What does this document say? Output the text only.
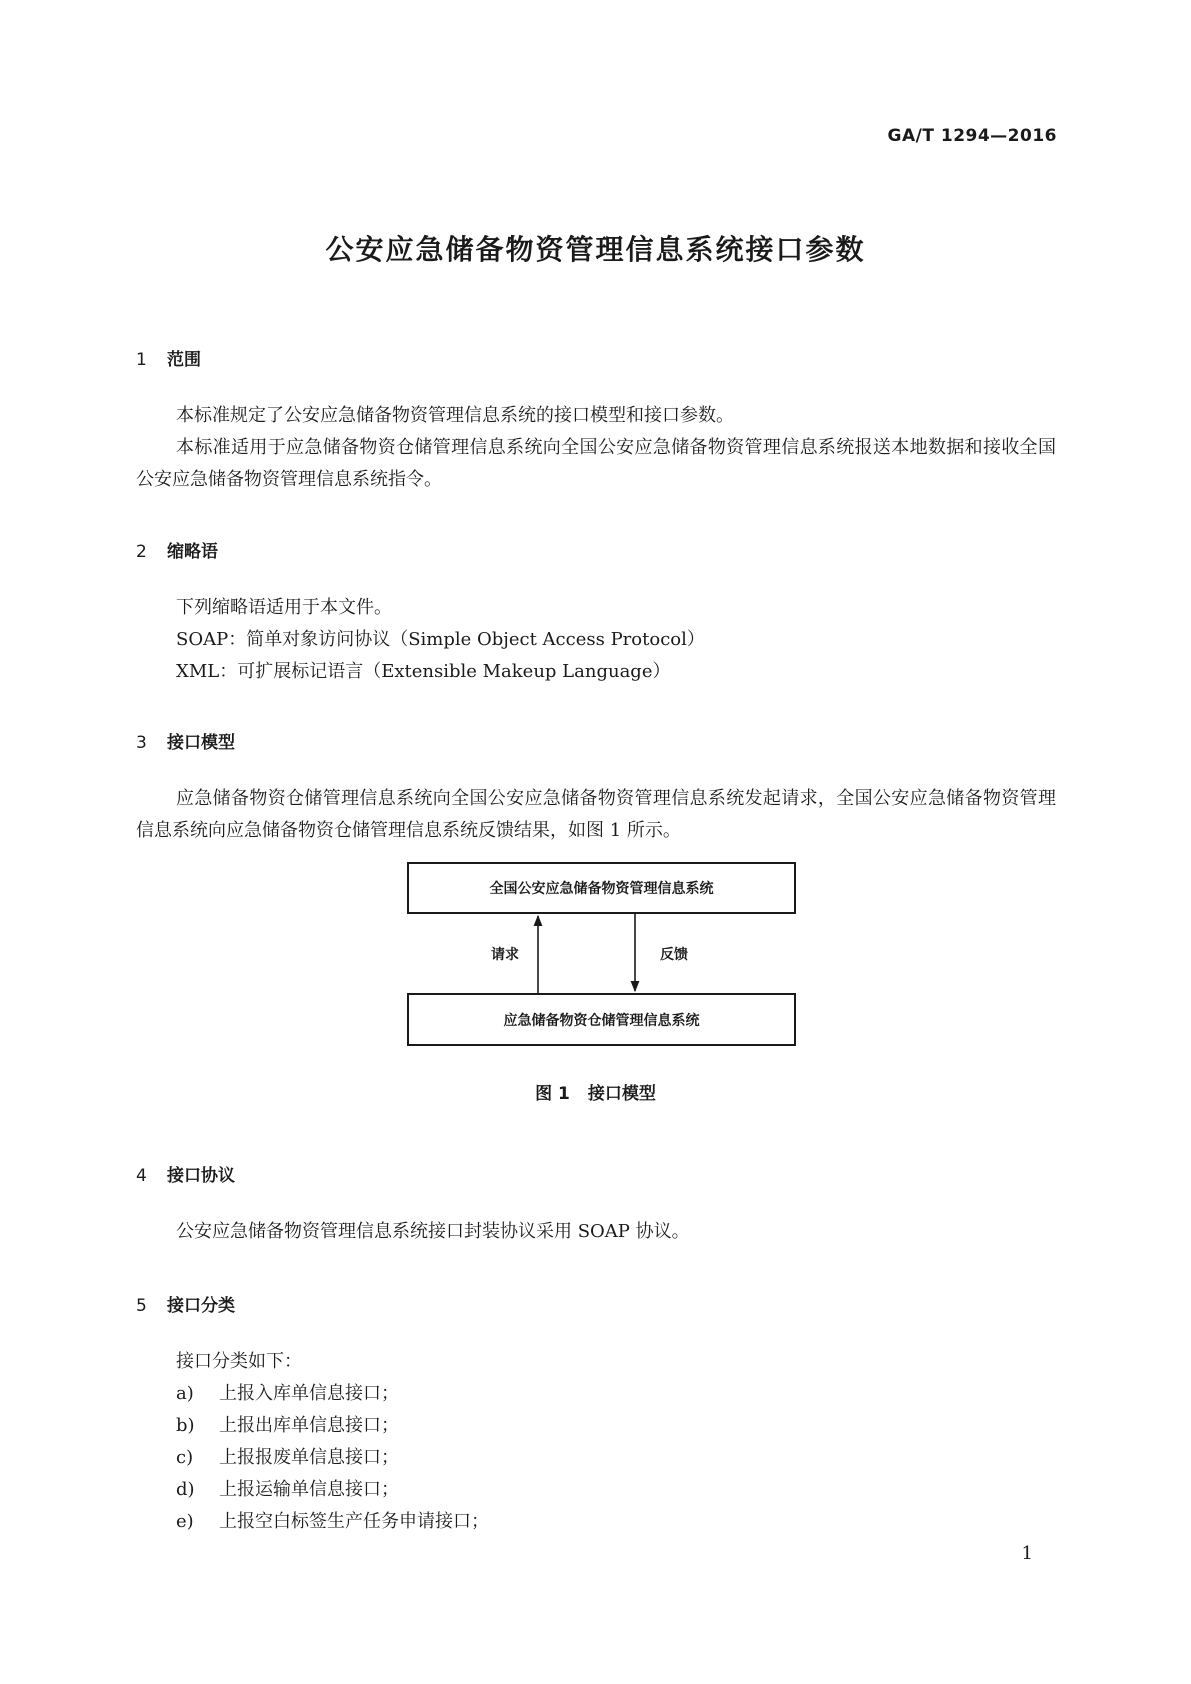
GA/T 1294—2016
公安应急储备物资管理信息系统接口参数
1 范围
本标准规定了公安应急储备物资管理信息系统的接口模型和接口参数。
本标准适用于应急储备物资仓储管理信息系统向全国公安应急储备物资管理信息系统报送本地数据和接收全国公安应急储备物资管理信息系统指令。
2 缩略语
下列缩略语适用于本文件。
SOAP：简单对象访问协议（Simple Object Access Protocol）
XML：可扩展标记语言（Extensible Makeup Language）
3 接口模型
应急储备物资仓储管理信息系统向全国公安应急储备物资管理信息系统发起请求，全国公安应急储备物资管理信息系统向应急储备物资仓储管理信息系统反馈结果，如图 1 所示。
全国公安应急储备物资管理信息系统
应急储备物资仓储管理信息系统
请求	反馈
图 1 接口模型
4 接口协议
公安应急储备物资管理信息系统接口封装协议采用 SOAP 协议。
5 接口分类
接口分类如下：
a) 上报入库单信息接口；
b) 上报出库单信息接口；
c) 上报报废单信息接口；
d) 上报运输单信息接口；
e) 上报空白标签生产任务申请接口；
1
